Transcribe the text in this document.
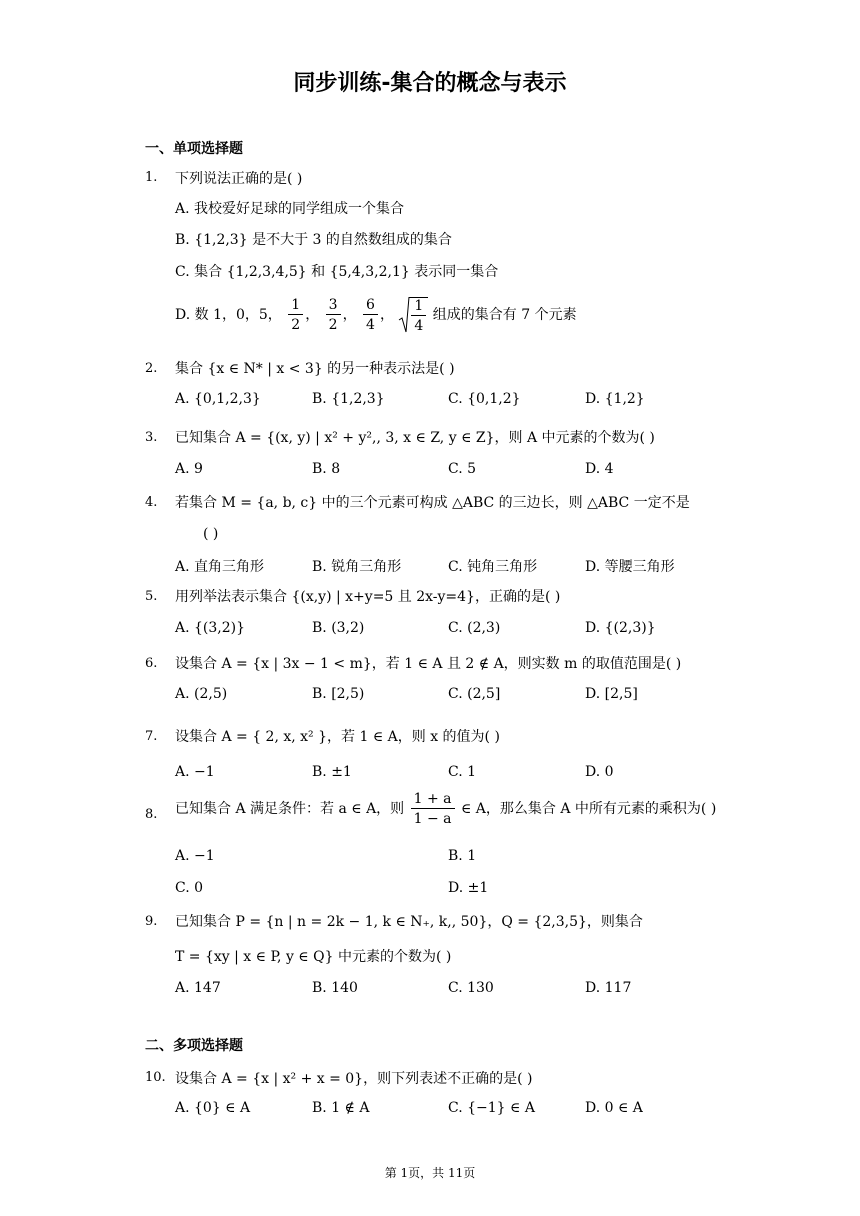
同步训练-集合的概念与表示
一、单项选择题
1. 下列说法正确的是( )
A. 我校爱好足球的同学组成一个集合
B. {1,2,3} 是不大于 3 的自然数组成的集合
C. 集合 {1,2,3,4,5} 和 {5,4,3,2,1} 表示同一集合
D. 数 1，0，5， $\frac{1}{2}$ ， $\frac{3}{2}$ ， $\frac{6}{4}$ ， $\frac{1}{4}$ 组成的集合有 7 个元素
2. 集合 {x ∈ N* | x < 3} 的另一种表示法是( )
A. {0,1,2,3}	B. {1,2,3}	C. {0,1,2}	D. {1,2}
3. 已知集合 A = {(x, y) | x² + y²,, 3, x ∈ Z, y ∈ Z}，则 A 中元素的个数为( )
A. 9	B. 8	C. 5	D. 4
4. 若集合 M = {a, b, c} 中的三个元素可构成 △ABC 的三边长，则 △ABC 一定不是
( )
A. 直角三角形	B. 锐角三角形	C. 钝角三角形	D. 等腰三角形
5. 用列举法表示集合 {(x,y) | x+y=5 且 2x-y=4}，正确的是( )
A. {(3,2)}	B. (3,2)	C. (2,3)	D. {(2,3)}
6. 设集合 A = {x | 3x − 1 < m}，若 1 ∈ A 且 2 ∉ A，则实数 m 的取值范围是( )
A. (2,5)	B. [2,5)	C. (2,5]	D. [2,5]
7. 设集合 A = { 2, x, x² }，若 1 ∈ A，则 x 的值为( )
A. −1	B. ±1	C. 1	D. 0
8. 已知集合 A 满足条件：若 a ∈ A，则 $\frac{1 + a}{1 - a}$ ∈ A，那么集合 A 中所有元素的乘积为( )
A. −1	B. 1
C. 0	D. ±1
9. 已知集合 P = {n | n = 2k − 1, k ∈ N₊, k,, 50}，Q = {2,3,5}，则集合
T = {xy | x ∈ P, y ∈ Q} 中元素的个数为( )
A. 147	B. 140	C. 130	D. 117
二、多项选择题
10. 设集合 A = {x | x² + x = 0}，则下列表述不正确的是( )
A. {0} ∈ A	B. 1 ∉ A	C. {−1} ∈ A	D. 0 ∈ A
第 1页，共 11页
